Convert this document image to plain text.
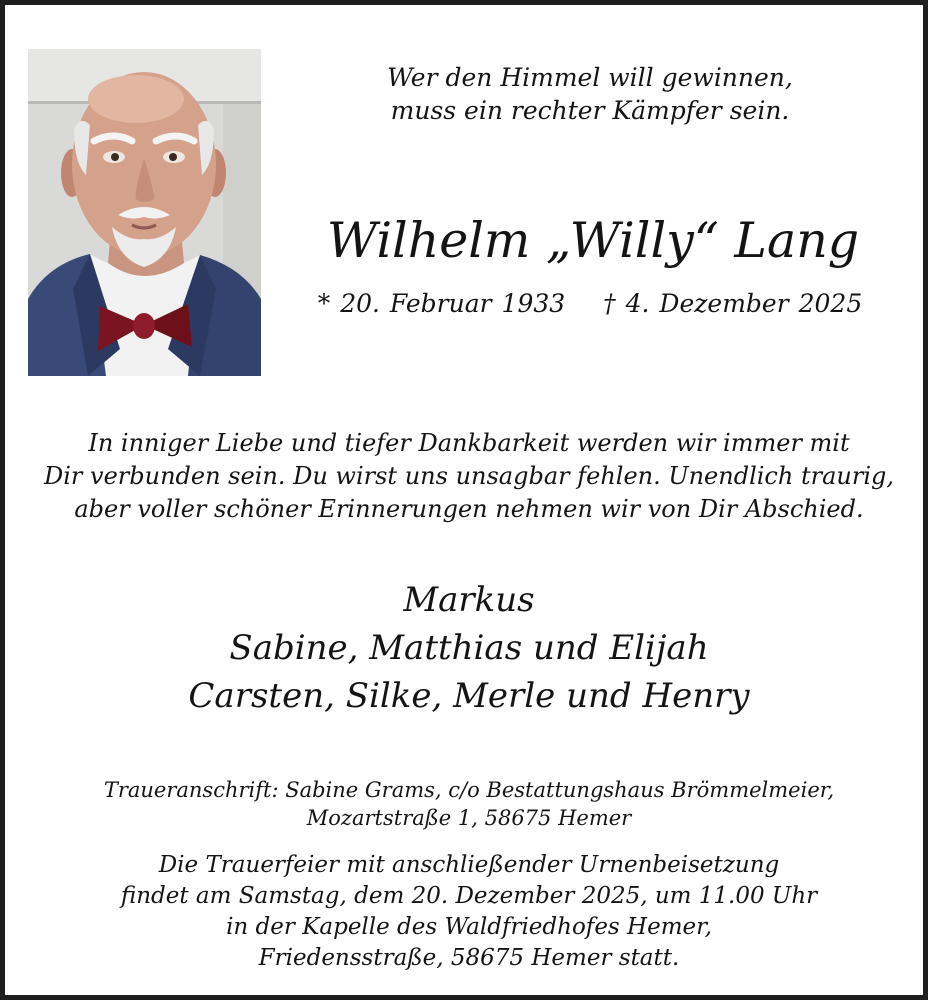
Wer den Himmel will gewinnen,
muss ein rechter Kämpfer sein.
Wilhelm „Willy“ Lang
* 20. Februar 1933 † 4. Dezember 2025
In inniger Liebe und tiefer Dankbarkeit werden wir immer mit
Dir verbunden sein. Du wirst uns unsagbar fehlen. Unendlich traurig,
aber voller schöner Erinnerungen nehmen wir von Dir Abschied.
Markus
Sabine, Matthias und Elijah
Carsten, Silke, Merle und Henry
Traueranschrift: Sabine Grams, c/o Bestattungshaus Brömmelmeier,
Mozartstraße 1, 58675 Hemer
Die Trauerfeier mit anschließender Urnenbeisetzung
findet am Samstag, dem 20. Dezember 2025, um 11.00 Uhr
in der Kapelle des Waldfriedhofes Hemer,
Friedensstraße, 58675 Hemer statt.
